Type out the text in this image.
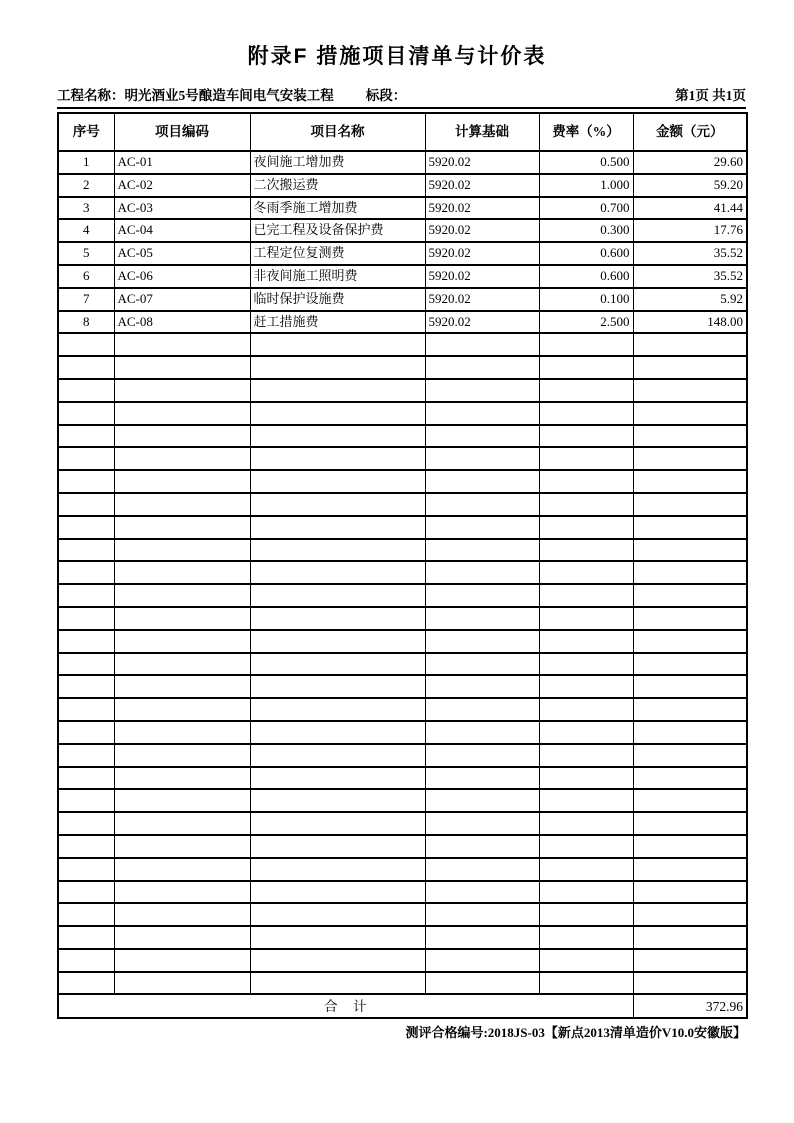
附录F 措施项目清单与计价表
工程名称：明光酒业5号酿造车间电气安装工程 标段：	第1页 共1页
序号	项目编码	项目名称	计算基础	费率（%）	金额（元）
1	AC-01	夜间施工增加费	5920.02	0.500	29.60
2	AC-02	二次搬运费	5920.02	1.000	59.20
3	AC-03	冬雨季施工增加费	5920.02	0.700	41.44
4	AC-04	已完工程及设备保护费	5920.02	0.300	17.76
5	AC-05	工程定位复测费	5920.02	0.600	35.52
6	AC-06	非夜间施工照明费	5920.02	0.600	35.52
7	AC-07	临时保护设施费	5920.02	0.100	5.92
8	AC-08	赶工措施费	5920.02	2.500	148.00

合　计					372.96
测评合格编号:2018JS-03【新点2013清单造价V10.0安徽版】
